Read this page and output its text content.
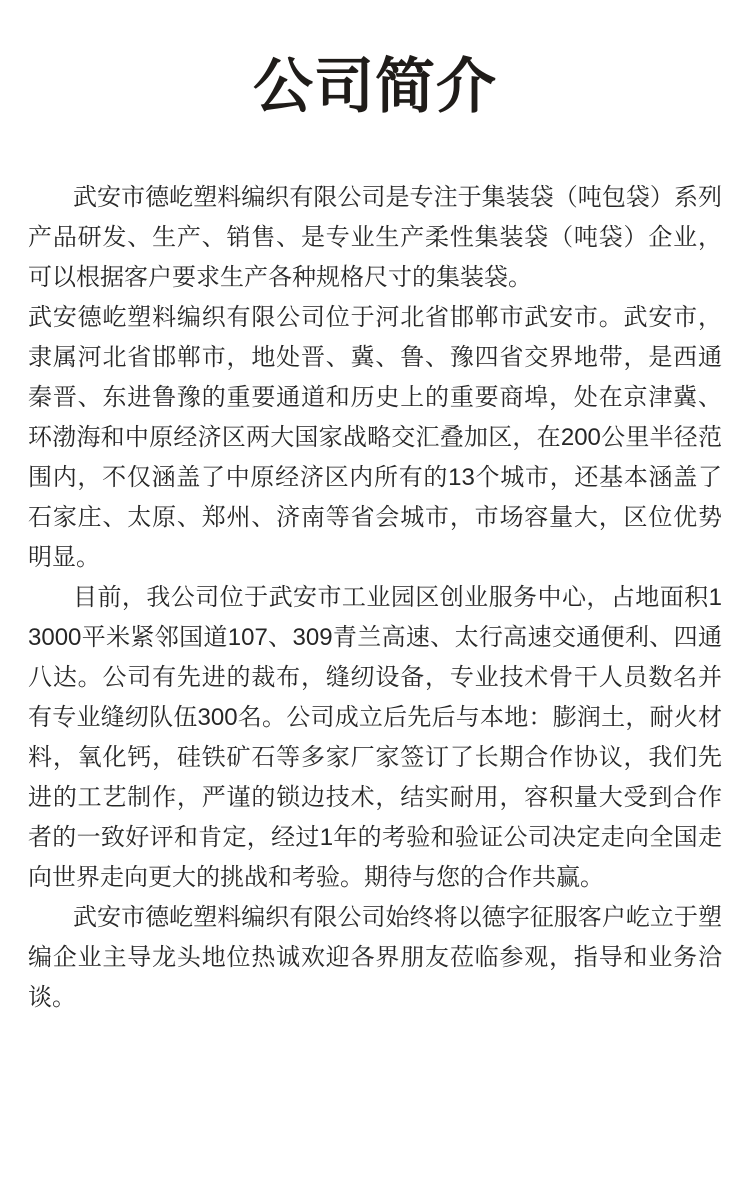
公司简介

武安市德屹塑料编织有限公司是专注于集装袋（吨包袋）系列产品研发、生产、销售、是专业生产柔性集装袋（吨袋）企业，可以根据客户要求生产各种规格尺寸的集装袋。

武安德屹塑料编织有限公司位于河北省邯郸市武安市。武安市，隶属河北省邯郸市，地处晋、冀、鲁、豫四省交界地带，是西通秦晋、东进鲁豫的重要通道和历史上的重要商埠，处在京津冀、环渤海和中原经济区两大国家战略交汇叠加区，在200公里半径范围内，不仅涵盖了中原经济区内所有的13个城市，还基本涵盖了石家庄、太原、郑州、济南等省会城市，市场容量大，区位优势明显。

目前，我公司位于武安市工业园区创业服务中心，占地面积13000平米紧邻国道107、309青兰高速、太行高速交通便利、四通八达。公司有先进的裁布，缝纫设备，专业技术骨干人员数名并有专业缝纫队伍300名。公司成立后先后与本地：膨润土，耐火材料，氧化钙，硅铁矿石等多家厂家签订了长期合作协议，我们先进的工艺制作，严谨的锁边技术，结实耐用，容积量大受到合作者的一致好评和肯定，经过1年的考验和验证公司决定走向全国走向世界走向更大的挑战和考验。期待与您的合作共赢。

武安市德屹塑料编织有限公司始终将以德字征服客户屹立于塑编企业主导龙头地位热诚欢迎各界朋友莅临参观，指导和业务洽谈。
